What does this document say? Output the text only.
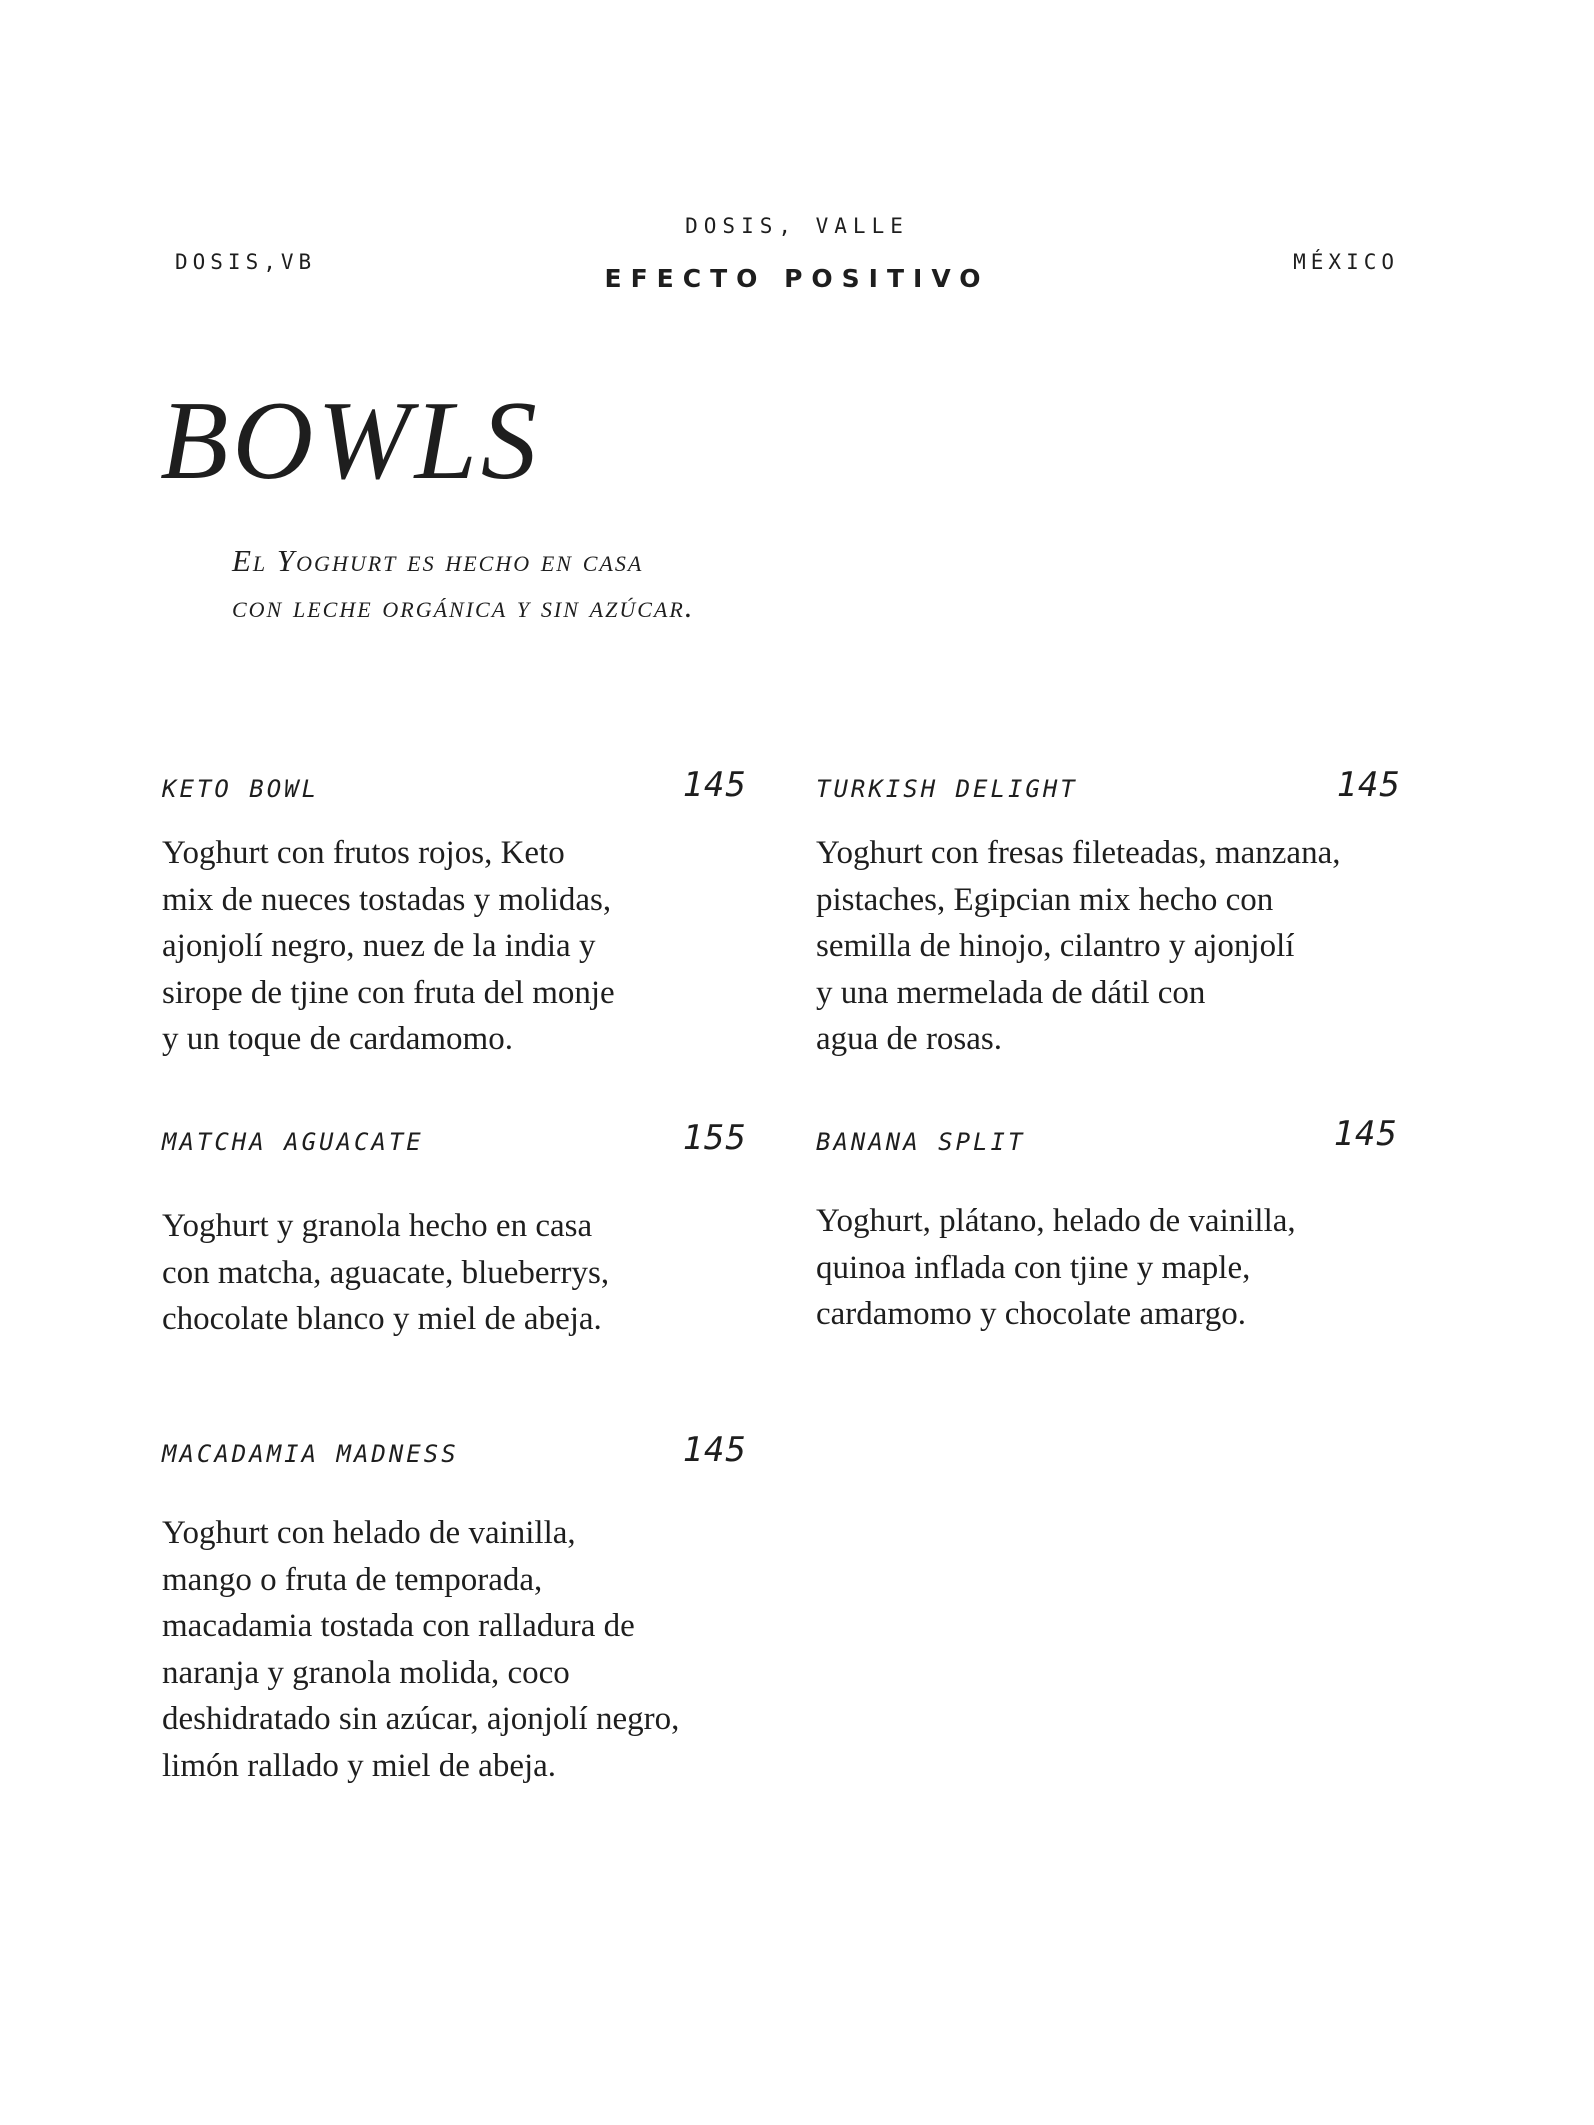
DOSIS,VB
DOSIS, VALLE
EFECTO POSITIVO
MÉXICO
BOWLS
El Yoghurt es hecho en casa
con leche orgánica y sin azúcar.
KETO BOWL	145
Yoghurt con frutos rojos, Keto
mix de nueces tostadas y molidas,
ajonjolí negro, nuez de la india y
sirope de tjine con fruta del monje
y un toque de cardamomo.
TURKISH DELIGHT	145
Yoghurt con fresas fileteadas, manzana,
pistaches, Egipcian mix hecho con
semilla de hinojo, cilantro y ajonjolí
y una mermelada de dátil con
agua de rosas.
MATCHA AGUACATE	155
Yoghurt y granola hecho en casa
con matcha, aguacate, blueberrys,
chocolate blanco y miel de abeja.
BANANA SPLIT	145
Yoghurt, plátano, helado de vainilla,
quinoa inflada con tjine y maple,
cardamomo y chocolate amargo.
MACADAMIA MADNESS	145
Yoghurt con helado de vainilla,
mango o fruta de temporada,
macadamia tostada con ralladura de
naranja y granola molida, coco
deshidratado sin azúcar, ajonjolí negro,
limón rallado y miel de abeja.
